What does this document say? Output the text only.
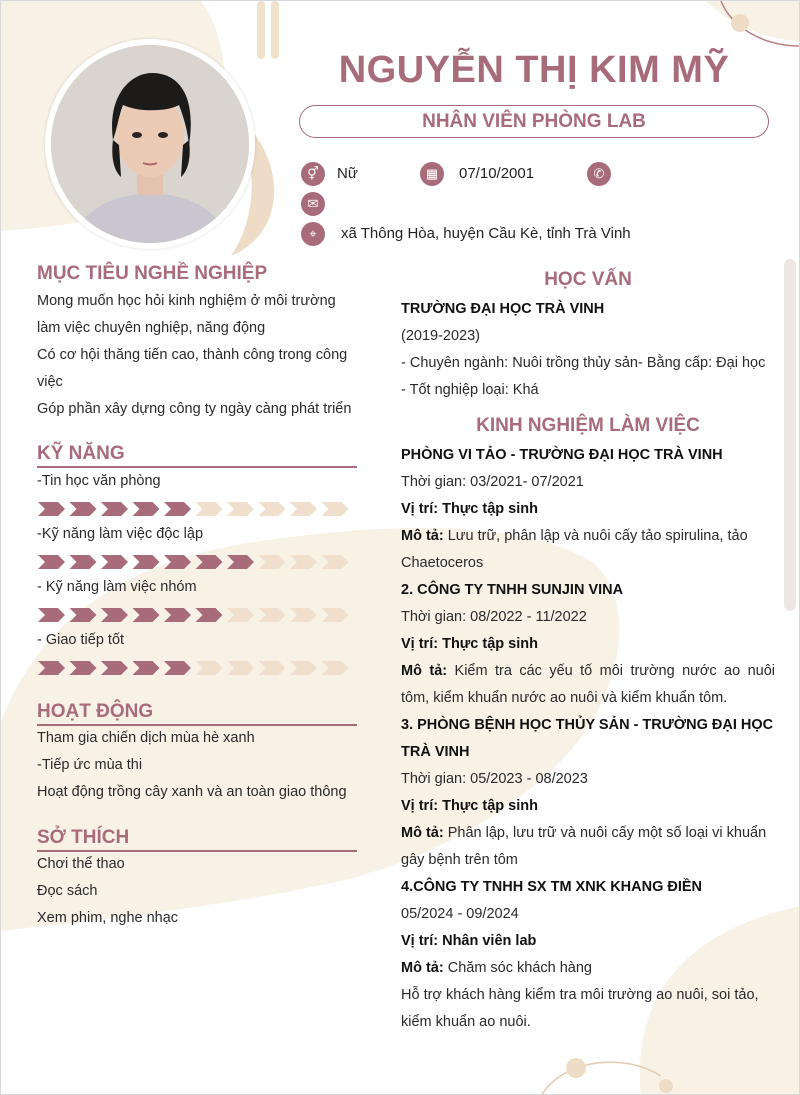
NGUYỄN THỊ KIM MỸ
NHÂN VIÊN PHÒNG LAB
⚥	Nữ	▦	07/10/2001	✆
✉
⌖	xã Thông Hòa, huyện Cầu Kè, tỉnh Trà Vinh
MỤC TIÊU NGHỀ NGHIỆP
Mong muốn học hỏi kinh nghiệm ở môi trường
làm việc chuyên nghiệp, năng động
Có cơ hội thăng tiến cao, thành công trong công
việc
Góp phần xây dựng công ty ngày càng phát triển
KỸ NĂNG
-Tin học văn phòng
-Kỹ năng làm việc độc lập
- Kỹ năng làm việc nhóm
- Giao tiếp tốt
HOẠT ĐỘNG
Tham gia chiến dịch mùa hè xanh
-Tiếp ức mùa thi
Hoạt động trồng cây xanh và an toàn giao thông
SỞ THÍCH
Chơi thể thao
Đọc sách
Xem phim, nghe nhạc
HỌC VẤN
TRƯỜNG ĐẠI HỌC TRÀ VINH
(2019-2023)
- Chuyên ngành: Nuôi trồng thủy sản- Bằng cấp: Đại học
- Tốt nghiệp loại: Khá
KINH NGHIỆM LÀM VIỆC
PHÒNG VI TẢO - TRƯỜNG ĐẠI HỌC TRÀ VINH
Thời gian: 03/2021- 07/2021
Vị trí: Thực tập sinh
Mô tả: Lưu trữ, phân lập và nuôi cấy tảo spirulina, tảo
Chaetoceros
2. CÔNG TY TNHH SUNJIN VINA
Thời gian: 08/2022 - 11/2022
Vị trí: Thực tập sinh
Mô tả: Kiểm tra các yếu tố môi trường nước ao nuôi
tôm, kiểm khuẩn nước ao nuôi và kiểm khuẩn tôm.
3. PHÒNG BỆNH HỌC THỦY SẢN - TRƯỜNG ĐẠI HỌC
TRÀ VINH
Thời gian: 05/2023 - 08/2023
Vị trí: Thực tập sinh
Mô tả: Phân lập, lưu trữ và nuôi cấy một số loại vi khuẩn
gây bệnh trên tôm
4.CÔNG TY TNHH SX TM XNK KHANG ĐIỀN
05/2024 - 09/2024
Vị trí: Nhân viên lab
Mô tả: Chăm sóc khách hàng
Hỗ trợ khách hàng kiểm tra môi trường ao nuôi, soi tảo,
kiểm khuẩn ao nuôi.
